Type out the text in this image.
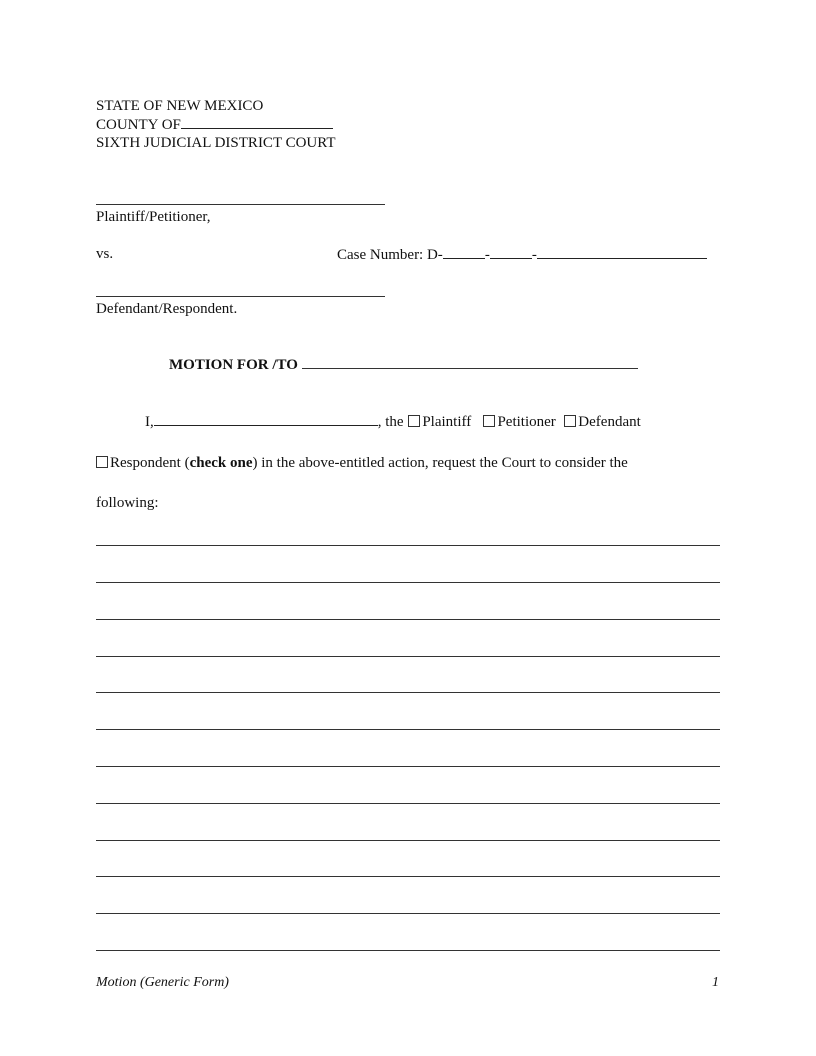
STATE OF NEW MEXICO
COUNTY OF
SIXTH JUDICIAL DISTRICT COURT
Plaintiff/Petitioner,
vs.	Case Number: D-	-	-
Defendant/Respondent.
MOTION FOR /TO
I,	, the Plaintiff Petitioner Defendant
Respondent (check one) in the above-entitled action, request the Court to consider the
following:
Motion (Generic Form)	1
